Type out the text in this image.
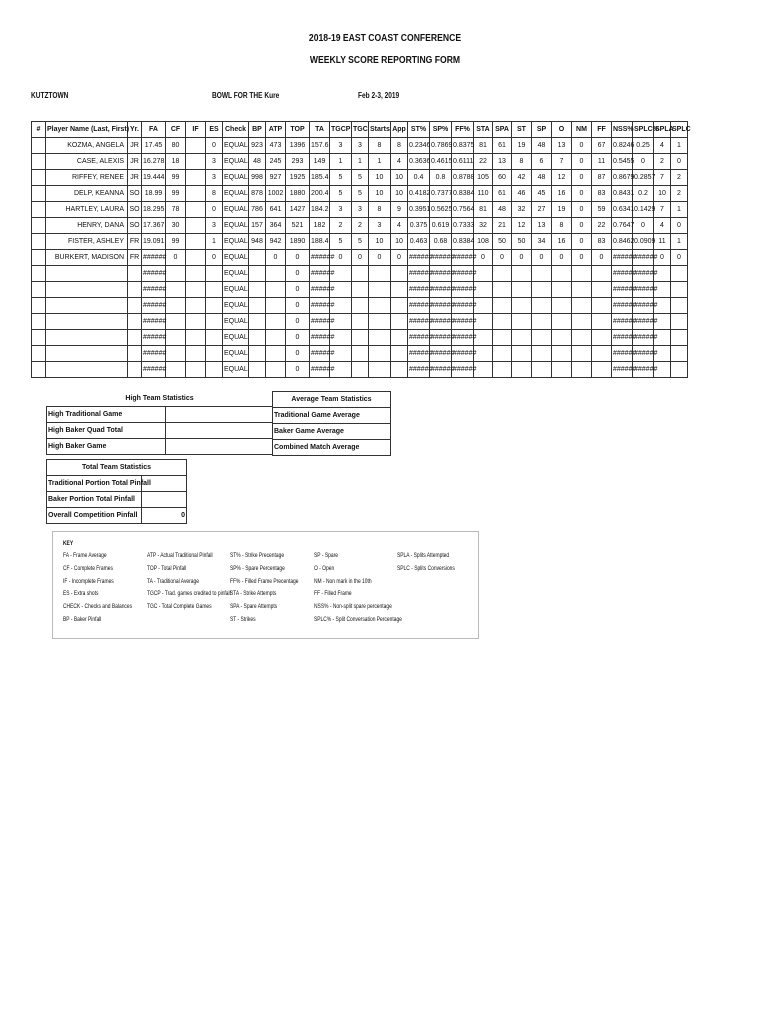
2018-19 EAST COAST CONFERENCE
WEEKLY SCORE REPORTING FORM
KUTZTOWN	BOWL FOR THE Kure	Feb 2-3, 2019
#	Player Name (Last, First)	Yr.	FA	CF	IF	ES	Check	BP	ATP	TOP	TA	TGCP	TGC	Starts	App	ST%	SP%	FF%	STA	SPA	ST	SP	O	NM	FF	NSS%	SPLC%	SPLA	SPLC
	KOZMA, ANGELA	JR	17.45	80		0	EQUAL	923	473	1396	157.6	3	3	8	8	0.2346	0.7869	0.8375	81	61	19	48	13	0	67	0.8246	0.25	4	1
	CASE, ALEXIS	JR	16.278	18		3	EQUAL	48	245	293	149	1	1	1	4	0.3636	0.4615	0.6111	22	13	8	6	7	0	11	0.5455	0	2	0
	RIFFEY, RENEE	JR	19.444	99		3	EQUAL	998	927	1925	185.4	5	5	10	10	0.4	0.8	0.8788	105	60	42	48	12	0	87	0.8679	0.2857	7	2
	DELP, KEANNA	SO	18.99	99		8	EQUAL	878	1002	1880	200.4	5	5	10	10	0.4182	0.7377	0.8384	110	61	46	45	16	0	83	0.8431	0.2	10	2
	HARTLEY, LAURA	SO	18.295	78		0	EQUAL	786	641	1427	184.2	3	3	8	9	0.3951	0.5625	0.7564	81	48	32	27	19	0	59	0.6341	0.1429	7	1
	HENRY, DANA	SO	17.367	30		3	EQUAL	157	364	521	182	2	2	3	4	0.375	0.619	0.7333	32	21	12	13	8	0	22	0.7647	0	4	0
	FISTER, ASHLEY	FR	19.091	99		1	EQUAL	948	942	1890	188.4	5	5	10	10	0.463	0.68	0.8384	108	50	50	34	16	0	83	0.8462	0.0909	11	1
	BURKERT, MADISON	FR	######	0		0	EQUAL		0	0	######	0	0	0	0	######	######	######	0	0	0	0	0	0	0	######	######	0	0
			######				EQUAL			0	######					######	######	######								######	######		
			######				EQUAL			0	######					######	######	######								######	######		
			######				EQUAL			0	######					######	######	######								######	######		
			######				EQUAL			0	######					######	######	######								######	######		
			######				EQUAL			0	######					######	######	######								######	######		
			######				EQUAL			0	######					######	######	######								######	######		
			######				EQUAL			0	######					######	######	######								######	######		
High Team Statistics	
High Traditional Game	
High Baker Quad Total	
High Baker Game	
Average Team Statistics
Traditional Game Average
Baker Game Average
Combined Match Average
Total Team Statistics	
Traditional Portion Total Pinfall	
Baker Portion Total Pinfall	
Overall Competition Pinfall	0
KEY
FA - Frame Average
CF - Complete Frames
IF - Incomplete Frames
ES - Extra shots
CHECK - Checks and Balances
BP - Baker Pinfall
ATP - Actual Traditional Pinfall
TOP - Total Pinfall
TA - Traditional Average
TGCP - Trad. games credited to pinfall
TGC - Total Complete Games
ST% - Strike Precentage
SP% - Spare Percentage
FF% - Filled Frame Precentage
STA - Strike Attempts
SPA - Spare Attempts
ST - Strikes
SP - Spare
O - Open
NM - Non mark in the 10th
FF - Filled Frame
NSS% - Non-split spare percentage
SPLC% - Split Conversation Percentage
SPLA - Splits Attempted
SPLC - Splits Conversions
